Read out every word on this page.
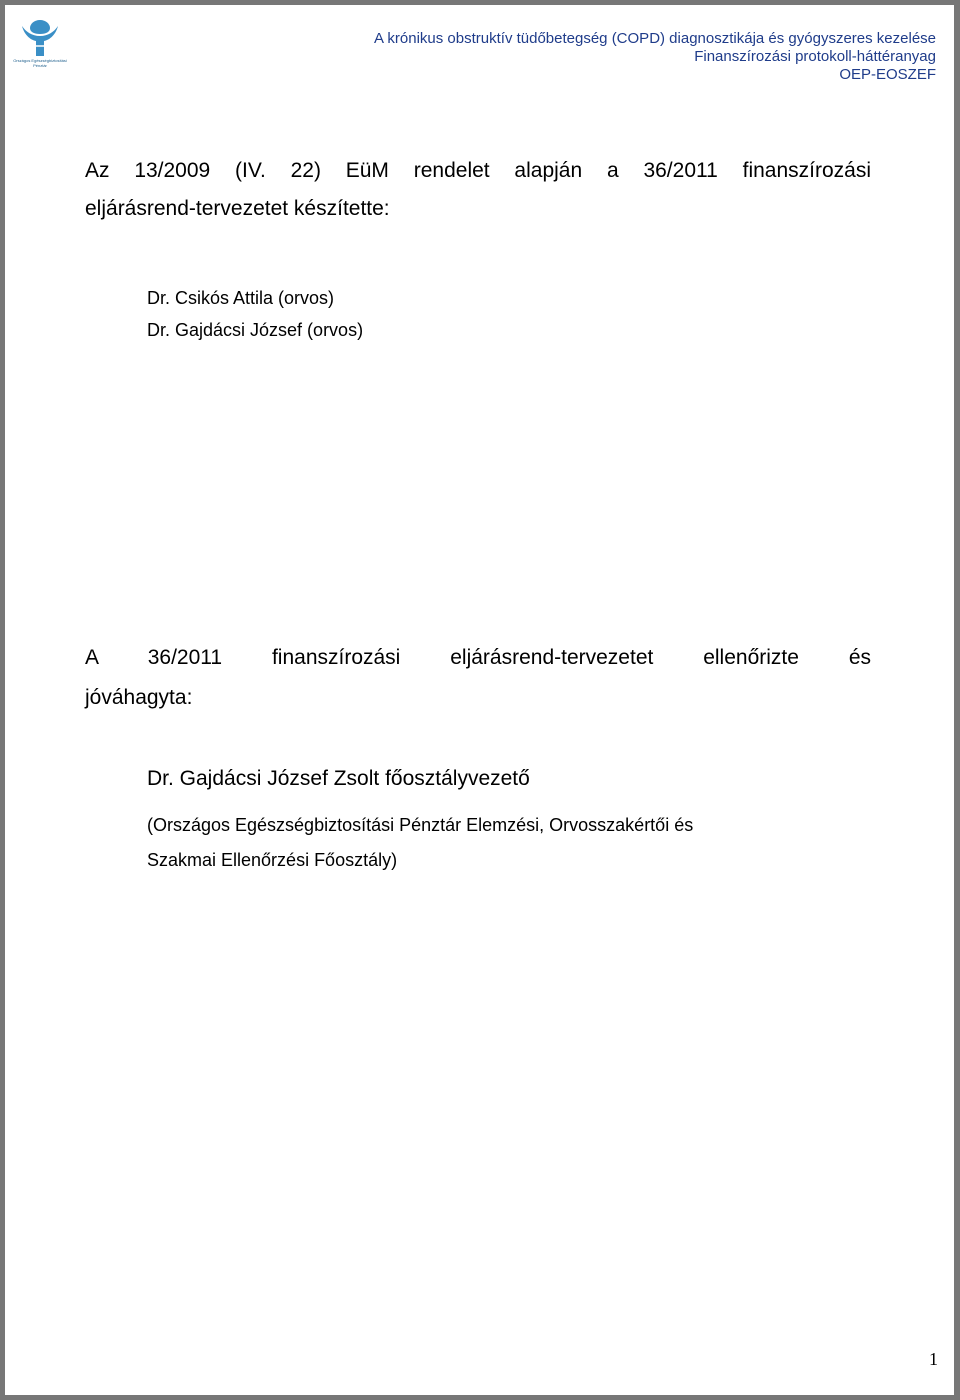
Országos Egészségbiztosítási
Pénztár
A krónikus obstruktív tüdőbetegség (COPD) diagnosztikája és gyógyszeres kezelése
Finanszírozási protokoll-háttéranyag
OEP-EOSZEF
Az 13/2009 (IV. 22) EüM rendelet alapján a 36/2011 finanszírozási
eljárásrend-tervezetet készítette:
Dr. Csikós Attila (orvos)
Dr. Gajdácsi József (orvos)
A 36/2011 finanszírozási eljárásrend-tervezetet ellenőrizte és
jóváhagyta:
Dr. Gajdácsi József Zsolt főosztályvezető
(Országos Egészségbiztosítási Pénztár Elemzési, Orvosszakértői és
Szakmai Ellenőrzési Főosztály)
1
